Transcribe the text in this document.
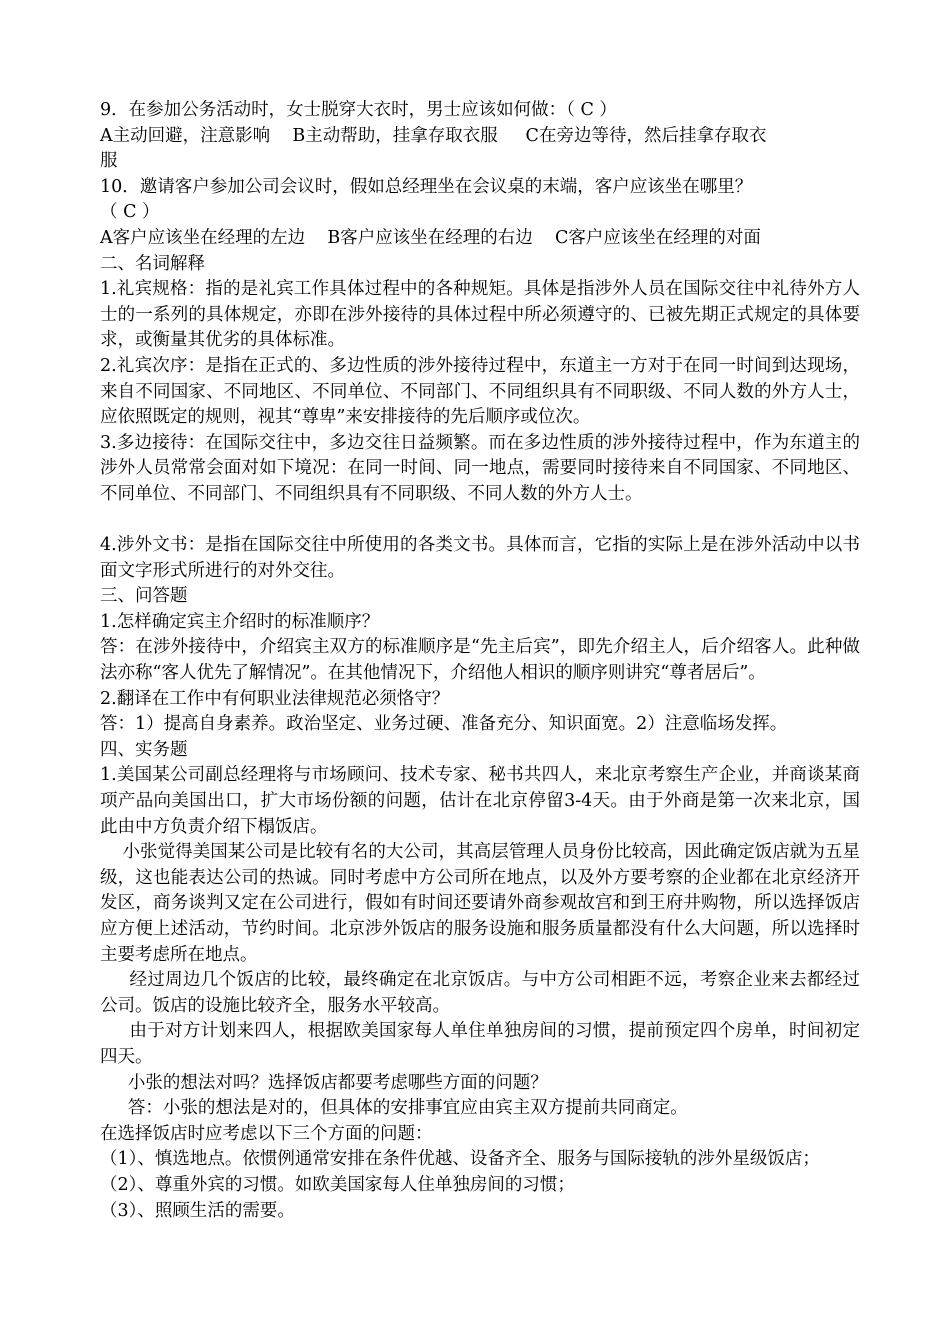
9．在参加公务活动时，女士脱穿大衣时，男士应该如何做：（ C ）
A主动回避，注意影响    B主动帮助，挂拿存取衣服     C在旁边等待，然后挂拿存取衣
服
10．邀请客户参加公司会议时，假如总经理坐在会议桌的末端，客户应该坐在哪里？
（ C ）
A客户应该坐在经理的左边    B客户应该坐在经理的右边    C客户应该坐在经理的对面
二、名词解释
1.礼宾规格：指的是礼宾工作具体过程中的各种规矩。具体是指涉外人员在国际交往中礼待外方人士的一系列的具体规定，亦即在涉外接待的具体过程中所必须遵守的、已被先期正式规定的具体要求，或衡量其优劣的具体标准。
2.礼宾次序：是指在正式的、多边性质的涉外接待过程中，东道主一方对于在同一时间到达现场，来自不同国家、不同地区、不同单位、不同部门、不同组织具有不同职级、不同人数的外方人士，应依照既定的规则，视其“尊卑”来安排接待的先后顺序或位次。
3.多边接待：在国际交往中，多边交往日益频繁。而在多边性质的涉外接待过程中，作为东道主的涉外人员常常会面对如下境况：在同一时间、同一地点，需要同时接待来自不同国家、不同地区、不同单位、不同部门、不同组织具有不同职级、不同人数的外方人士。
4.涉外文书：是指在国际交往中所使用的各类文书。具体而言，它指的实际上是在涉外活动中以书面文字形式所进行的对外交往。
三、问答题
1.怎样确定宾主介绍时的标准顺序？
答：在涉外接待中，介绍宾主双方的标准顺序是“先主后宾”，即先介绍主人，后介绍客人。此种做法亦称“客人优先了解情况”。在其他情况下，介绍他人相识的顺序则讲究“尊者居后”。
2.翻译在工作中有何职业法律规范必须恪守？
答：1）提高自身素养。政治坚定、业务过硬、准备充分、知识面宽。2）注意临场发挥。
四、实务题
1.美国某公司副总经理将与市场顾问、技术专家、秘书共四人，来北京考察生产企业，并商谈某商项产品向美国出口，扩大市场份额的问题，估计在北京停留3-4天。由于外商是第一次来北京，国此由中方负责介绍下榻饭店。
小张觉得美国某公司是比较有名的大公司，其高层管理人员身份比较高，因此确定饭店就为五星级，这也能表达公司的热诚。同时考虑中方公司所在地点，以及外方要考察的企业都在北京经济开发区，商务谈判又定在公司进行，假如有时间还要请外商参观故宫和到王府井购物，所以选择饭店应方便上述活动，节约时间。北京涉外饭店的服务设施和服务质量都没有什么大问题，所以选择时主要考虑所在地点。
经过周边几个饭店的比较，最终确定在北京饭店。与中方公司相距不远，考察企业来去都经过公司。饭店的设施比较齐全，服务水平较高。
由于对方计划来四人，根据欧美国家每人单住单独房间的习惯，提前预定四个房单，时间初定四天。
小张的想法对吗？选择饭店都要考虑哪些方面的问题？
答：小张的想法是对的，但具体的安排事宜应由宾主双方提前共同商定。
在选择饭店时应考虑以下三个方面的问题：
（1）、慎选地点。依惯例通常安排在条件优越、设备齐全、服务与国际接轨的涉外星级饭店；
（2）、尊重外宾的习惯。如欧美国家每人住单独房间的习惯；
（3）、照顾生活的需要。
